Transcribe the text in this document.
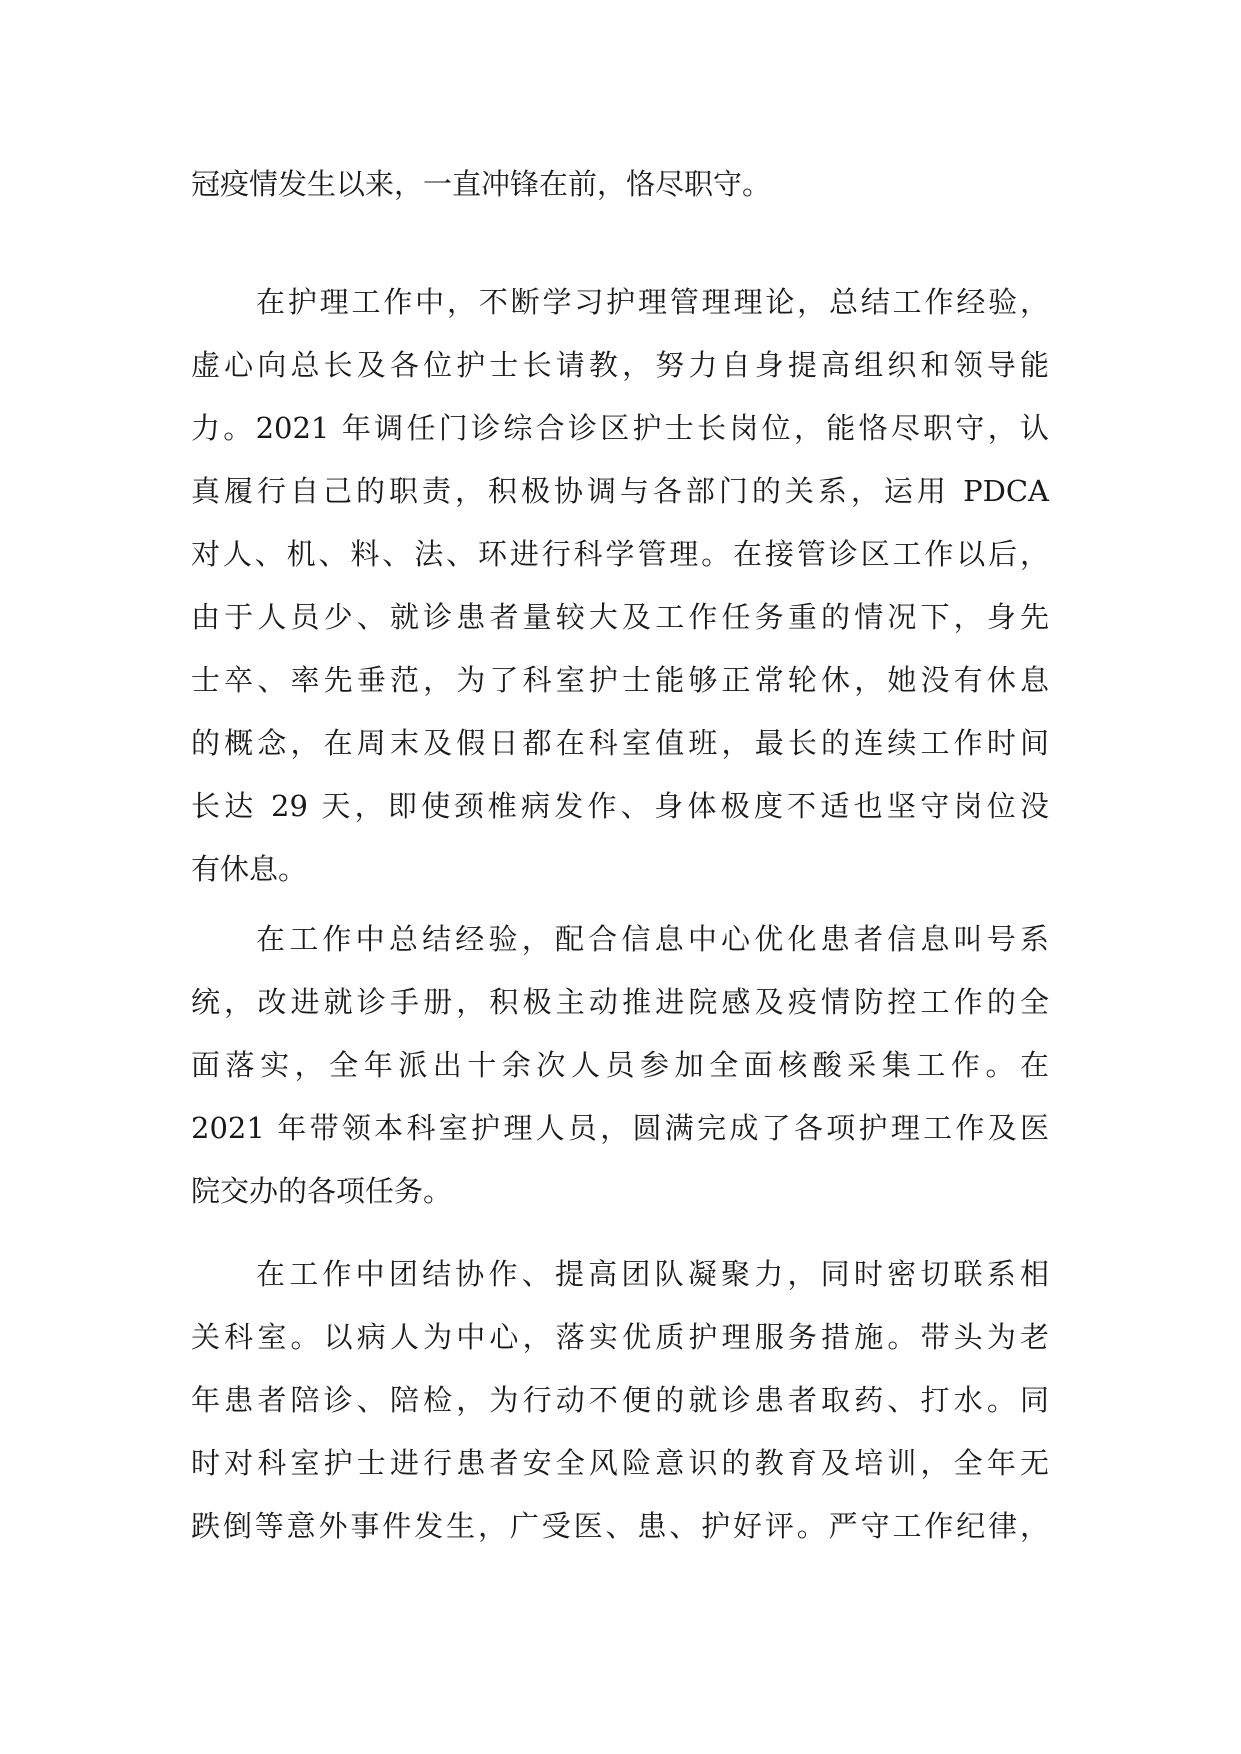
冠疫情发生以来，一直冲锋在前，恪尽职守。
在护理工作中，不断学习护理管理理论，总结工作经验，
虚心向总长及各位护士长请教，努力自身提高组织和领导能
力。2021 年调任门诊综合诊区护士长岗位，能恪尽职守，认
真履行自己的职责，积极协调与各部门的关系，运用 PDCA
对人、机、料、法、环进行科学管理。在接管诊区工作以后，
由于人员少、就诊患者量较大及工作任务重的情况下，身先
士卒、率先垂范，为了科室护士能够正常轮休，她没有休息
的概念，在周末及假日都在科室值班，最长的连续工作时间
长达 29 天，即使颈椎病发作、身体极度不适也坚守岗位没
有休息。
在工作中总结经验，配合信息中心优化患者信息叫号系
统，改进就诊手册，积极主动推进院感及疫情防控工作的全
面落实，全年派出十余次人员参加全面核酸采集工作。在
2021 年带领本科室护理人员，圆满完成了各项护理工作及医
院交办的各项任务。
在工作中团结协作、提高团队凝聚力，同时密切联系相
关科室。以病人为中心，落实优质护理服务措施。带头为老
年患者陪诊、陪检，为行动不便的就诊患者取药、打水。同
时对科室护士进行患者安全风险意识的教育及培训，全年无
跌倒等意外事件发生，广受医、患、护好评。严守工作纪律，
